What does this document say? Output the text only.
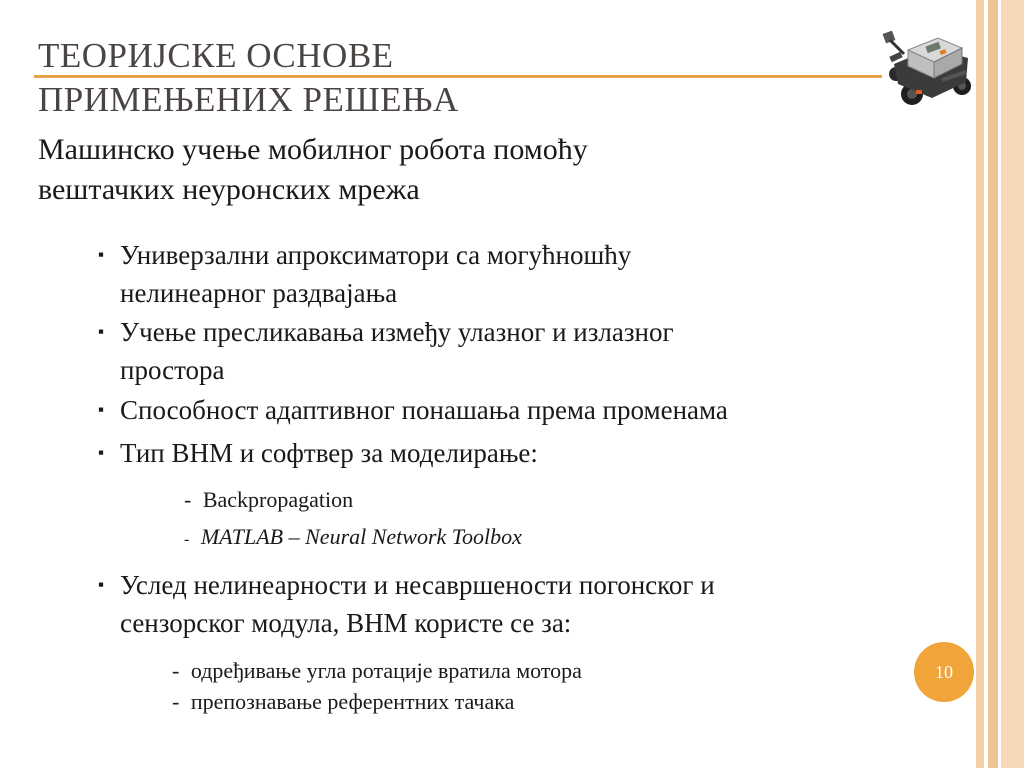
ТЕОРИЈСКЕ ОСНОВЕ
ПРИМЕЊЕНИХ РЕШЕЊА
Машинско учење мобилног робота помоћу
вештачких неуронских мрежа
▪ Универзални апроксиматори са могућношћу
нелинеарног раздвајања
▪ Учење пресликавања између улазног и излазног
простора
▪ Способност адаптивног понашања према променама
▪ Тип ВНМ и софтвер за моделирање:
- Backpropagation
- MATLAB – Neural Network Toolbox
▪ Услед нелинеарности и несавршености погонског и
сензорског модула, ВНМ користе се за:
- одређивање угла ротације вратила мотора
- препознавање референтних тачака
10
